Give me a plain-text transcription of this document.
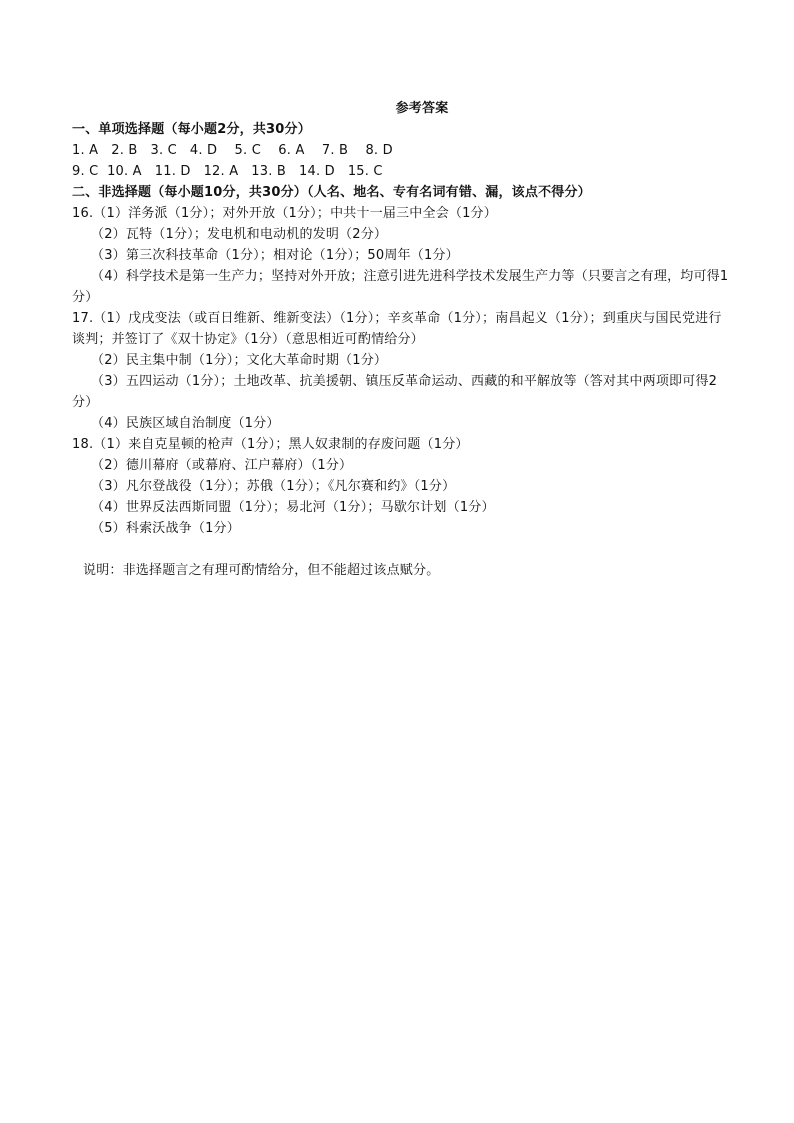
参考答案
一、单项选择题（每小题2分，共30分）
1. A   2. B   3. C   4. D    5. C    6. A    7. B    8. D
9. C  10. A   11. D   12. A   13. B   14. D   15. C
二、非选择题（每小题10分，共30分）（人名、地名、专有名词有错、漏，该点不得分）
16.（1）洋务派（1分）；对外开放（1分）；中共十一届三中全会（1分）
（2）瓦特（1分）；发电机和电动机的发明（2分）
（3）第三次科技革命（1分）；相对论（1分）；50周年（1分）
（4）科学技术是第一生产力；坚持对外开放；注意引进先进科学技术发展生产力等（只要言之有理，均可得1分）
17.（1）戊戌变法（或百日维新、维新变法）（1分）；辛亥革命（1分）；南昌起义（1分）；到重庆与国民党进行谈判；并签订了《双十协定》（1分）（意思相近可酌情给分）
（2）民主集中制（1分）；文化大革命时期（1分）
（3）五四运动（1分）；土地改革、抗美援朝、镇压反革命运动、西藏的和平解放等（答对其中两项即可得2分）
（4）民族区域自治制度（1分）
18.（1）来自克星顿的枪声（1分）；黑人奴隶制的存废问题（1分）
（2）德川幕府（或幕府、江户幕府）（1分）
（3）凡尔登战役（1分）；苏俄（1分）；《凡尔赛和约》（1分）
（4）世界反法西斯同盟（1分）；易北河（1分）；马歇尔计划（1分）
（5）科索沃战争（1分）
说明：非选择题言之有理可酌情给分，但不能超过该点赋分。
